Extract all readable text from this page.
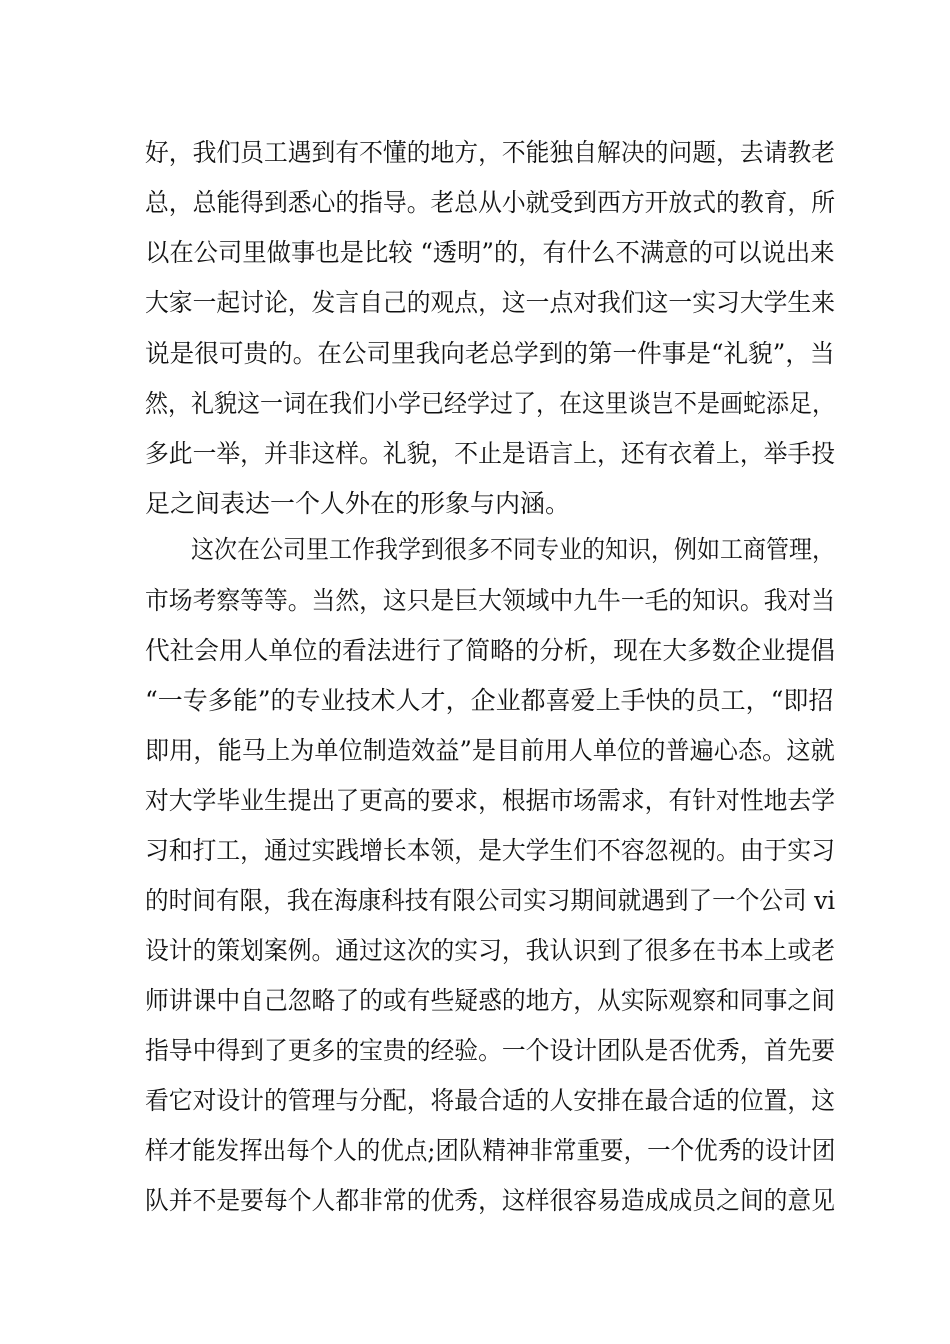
好，我们员工遇到有不懂的地方，不能独自解决的问题，去请教老
总，总能得到悉心的指导。老总从小就受到西方开放式的教育，所
以在公司里做事也是比较 “透明”的，有什么不满意的可以说出来
大家一起讨论，发言自己的观点，这一点对我们这一实习大学生来
说是很可贵的。在公司里我向老总学到的第一件事是“礼貌”，当
然，礼貌这一词在我们小学已经学过了，在这里谈岂不是画蛇添足，
多此一举，并非这样。礼貌，不止是语言上，还有衣着上，举手投
足之间表达一个人外在的形象与内涵。
　　这次在公司里工作我学到很多不同专业的知识，例如工商管理，
市场考察等等。当然，这只是巨大领域中九牛一毛的知识。我对当
代社会用人单位的看法进行了简略的分析，现在大多数企业提倡
“一专多能”的专业技术人才，企业都喜爱上手快的员工，“即招
即用，能马上为单位制造效益”是目前用人单位的普遍心态。这就
对大学毕业生提出了更高的要求，根据市场需求，有针对性地去学
习和打工，通过实践增长本领，是大学生们不容忽视的。由于实习
的时间有限，我在海康科技有限公司实习期间就遇到了一个公司 vi
设计的策划案例。通过这次的实习，我认识到了很多在书本上或老
师讲课中自己忽略了的或有些疑惑的地方，从实际观察和同事之间
指导中得到了更多的宝贵的经验。一个设计团队是否优秀，首先要
看它对设计的管理与分配，将最合适的人安排在最合适的位置，这
样才能发挥出每个人的优点;团队精神非常重要，一个优秀的设计团
队并不是要每个人都非常的优秀，这样很容易造成成员之间的意见
